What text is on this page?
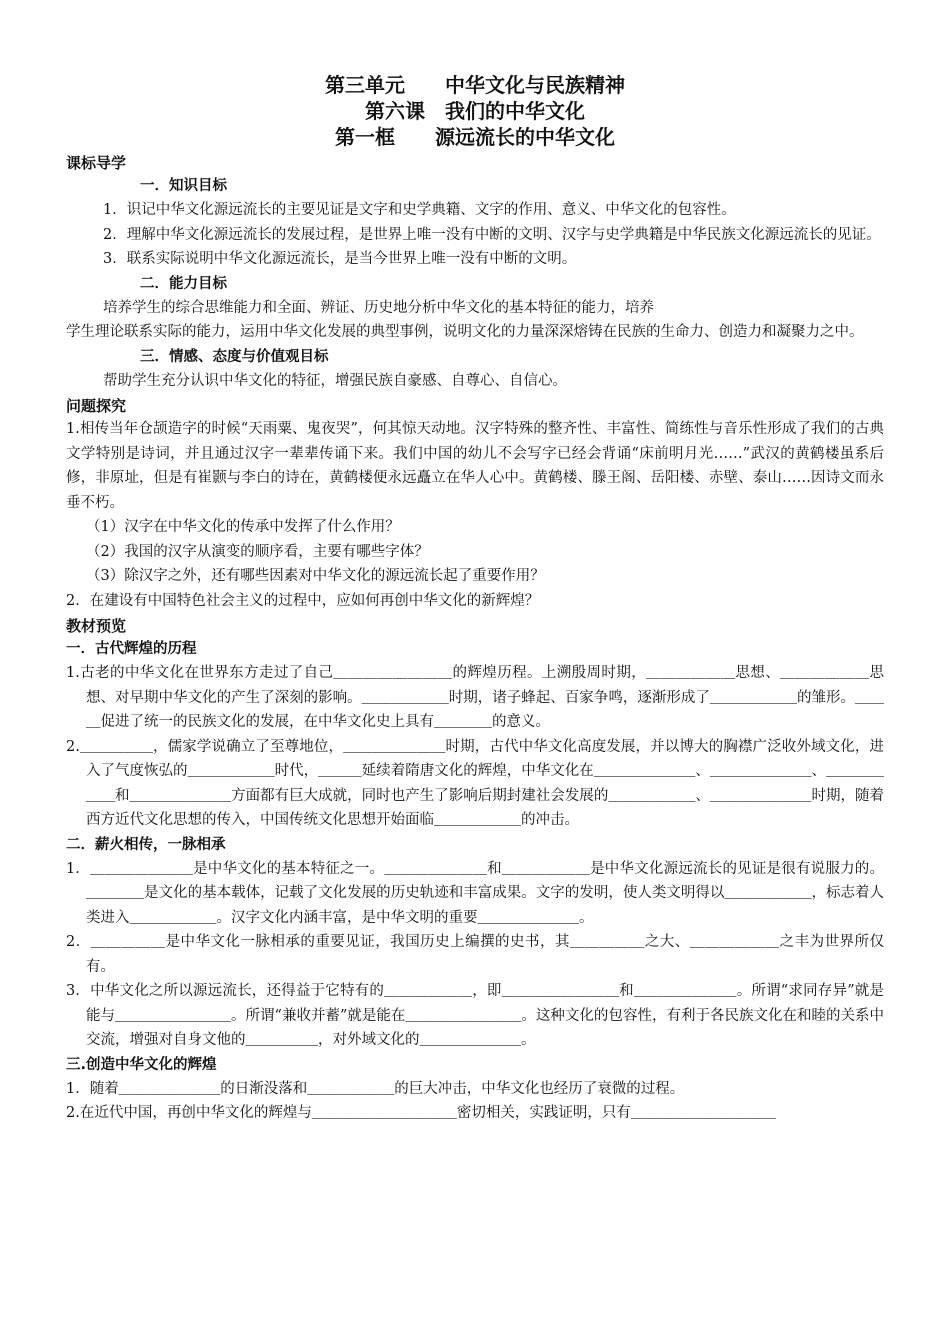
第三单元　　中华文化与民族精神
第六课　我们的中华文化
第一框　　源远流长的中华文化
课标导学
一．知识目标

1．识记中华文化源远流长的主要见证是文字和史学典籍、文字的作用、意义、中华文化的包容性。

2．理解中华文化源远流长的发展过程，是世界上唯一没有中断的文明、汉字与史学典籍是中华民族文化源远流长的见证。

3．联系实际说明中华文化源远流长，是当今世界上唯一没有中断的文明。

二．能力目标

培养学生的综合思维能力和全面、辨证、历史地分析中华文化的基本特征的能力，培养

学生理论联系实际的能力，运用中华文化发展的典型事例，说明文化的力量深深熔铸在民族的生命力、创造力和凝聚力之中。

三．情感、态度与价值观目标

帮助学生充分认识中华文化的特征，增强民族自豪感、自尊心、自信心。

问题探究

1.相传当年仓颉造字的时候“天雨粟、鬼夜哭”，何其惊天动地。汉字特殊的整齐性、丰富性、简练性与音乐性形成了我们的古典文学特别是诗词，并且通过汉字一辈辈传诵下来。我们中国的幼儿不会写字已经会背诵“床前明月光……”武汉的黄鹤楼虽系后修，非原址，但是有崔颢与李白的诗在，黄鹤楼便永远矗立在华人心中。黄鹤楼、滕王阁、岳阳楼、赤壁、泰山……因诗文而永垂不朽。

（1）汉字在中华文化的传承中发挥了什么作用？

（2）我国的汉字从演变的顺序看，主要有哪些字体？

（3）除汉字之外，还有哪些因素对中华文化的源远流长起了重要作用？

2．在建设有中国特色社会主义的过程中，应如何再创中华文化的新辉煌？

教材预览
一．古代辉煌的历程

1.古老的中华文化在世界东方走过了自己＿＿＿＿＿＿＿＿的辉煌历程。上溯殷周时期，＿＿＿＿＿＿思想、＿＿＿＿＿＿思想、对早期中华文化的产生了深刻的影响。＿＿＿＿＿＿时期，诸子蜂起、百家争鸣，逐渐形成了＿＿＿＿＿＿的雏形。＿＿＿促进了统一的民族文化的发展，在中华文化史上具有＿＿＿＿的意义。

2.＿＿＿＿＿，儒家学说确立了至尊地位，＿＿＿＿＿＿＿时期，古代中华文化高度发展，并以博大的胸襟广泛收外域文化，进入了气度恢弘的＿＿＿＿＿＿时代，＿＿＿延续着隋唐文化的辉煌，中华文化在＿＿＿＿＿＿＿、＿＿＿＿＿＿＿、＿＿＿＿＿＿和＿＿＿＿＿＿＿方面都有巨大成就，同时也产生了影响后期封建社会发展的＿＿＿＿＿＿、＿＿＿＿＿＿＿时期，随着西方近代文化思想的传入，中国传统文化思想开始面临＿＿＿＿＿＿的冲击。

二．薪火相传，一脉相承

1．＿＿＿＿＿＿＿是中华文化的基本特征之一。＿＿＿＿＿＿＿和＿＿＿＿＿＿是中华文化源远流长的见证是很有说服力的。＿＿＿＿是文化的基本载体，记载了文化发展的历史轨迹和丰富成果。文字的发明，使人类文明得以＿＿＿＿＿＿，标志着人类进入＿＿＿＿＿＿。汉字文化内涵丰富，是中华文明的重要＿＿＿＿＿＿＿。

2．＿＿＿＿＿是中华文化一脉相承的重要见证，我国历史上编撰的史书，其＿＿＿＿＿之大、＿＿＿＿＿＿之丰为世界所仅有。

3．中华文化之所以源远流长，还得益于它特有的＿＿＿＿＿＿，即＿＿＿＿＿＿＿＿和＿＿＿＿＿＿＿。所谓“求同存异”就是能与＿＿＿＿＿＿＿＿。所谓“兼收并蓄”就是能在＿＿＿＿＿＿＿＿。这种文化的包容性，有利于各民族文化在和睦的关系中交流，增强对自身文他的＿＿＿＿＿，对外域文化的＿＿＿＿＿＿＿。

三.创造中华文化的辉煌

1．随着＿＿＿＿＿＿＿的日渐没落和＿＿＿＿＿＿的巨大冲击，中华文化也经历了衰微的过程。

2.在近代中国，再创中华文化的辉煌与＿＿＿＿＿＿＿＿＿＿密切相关，实践证明，只有＿＿＿＿＿＿＿＿＿＿
